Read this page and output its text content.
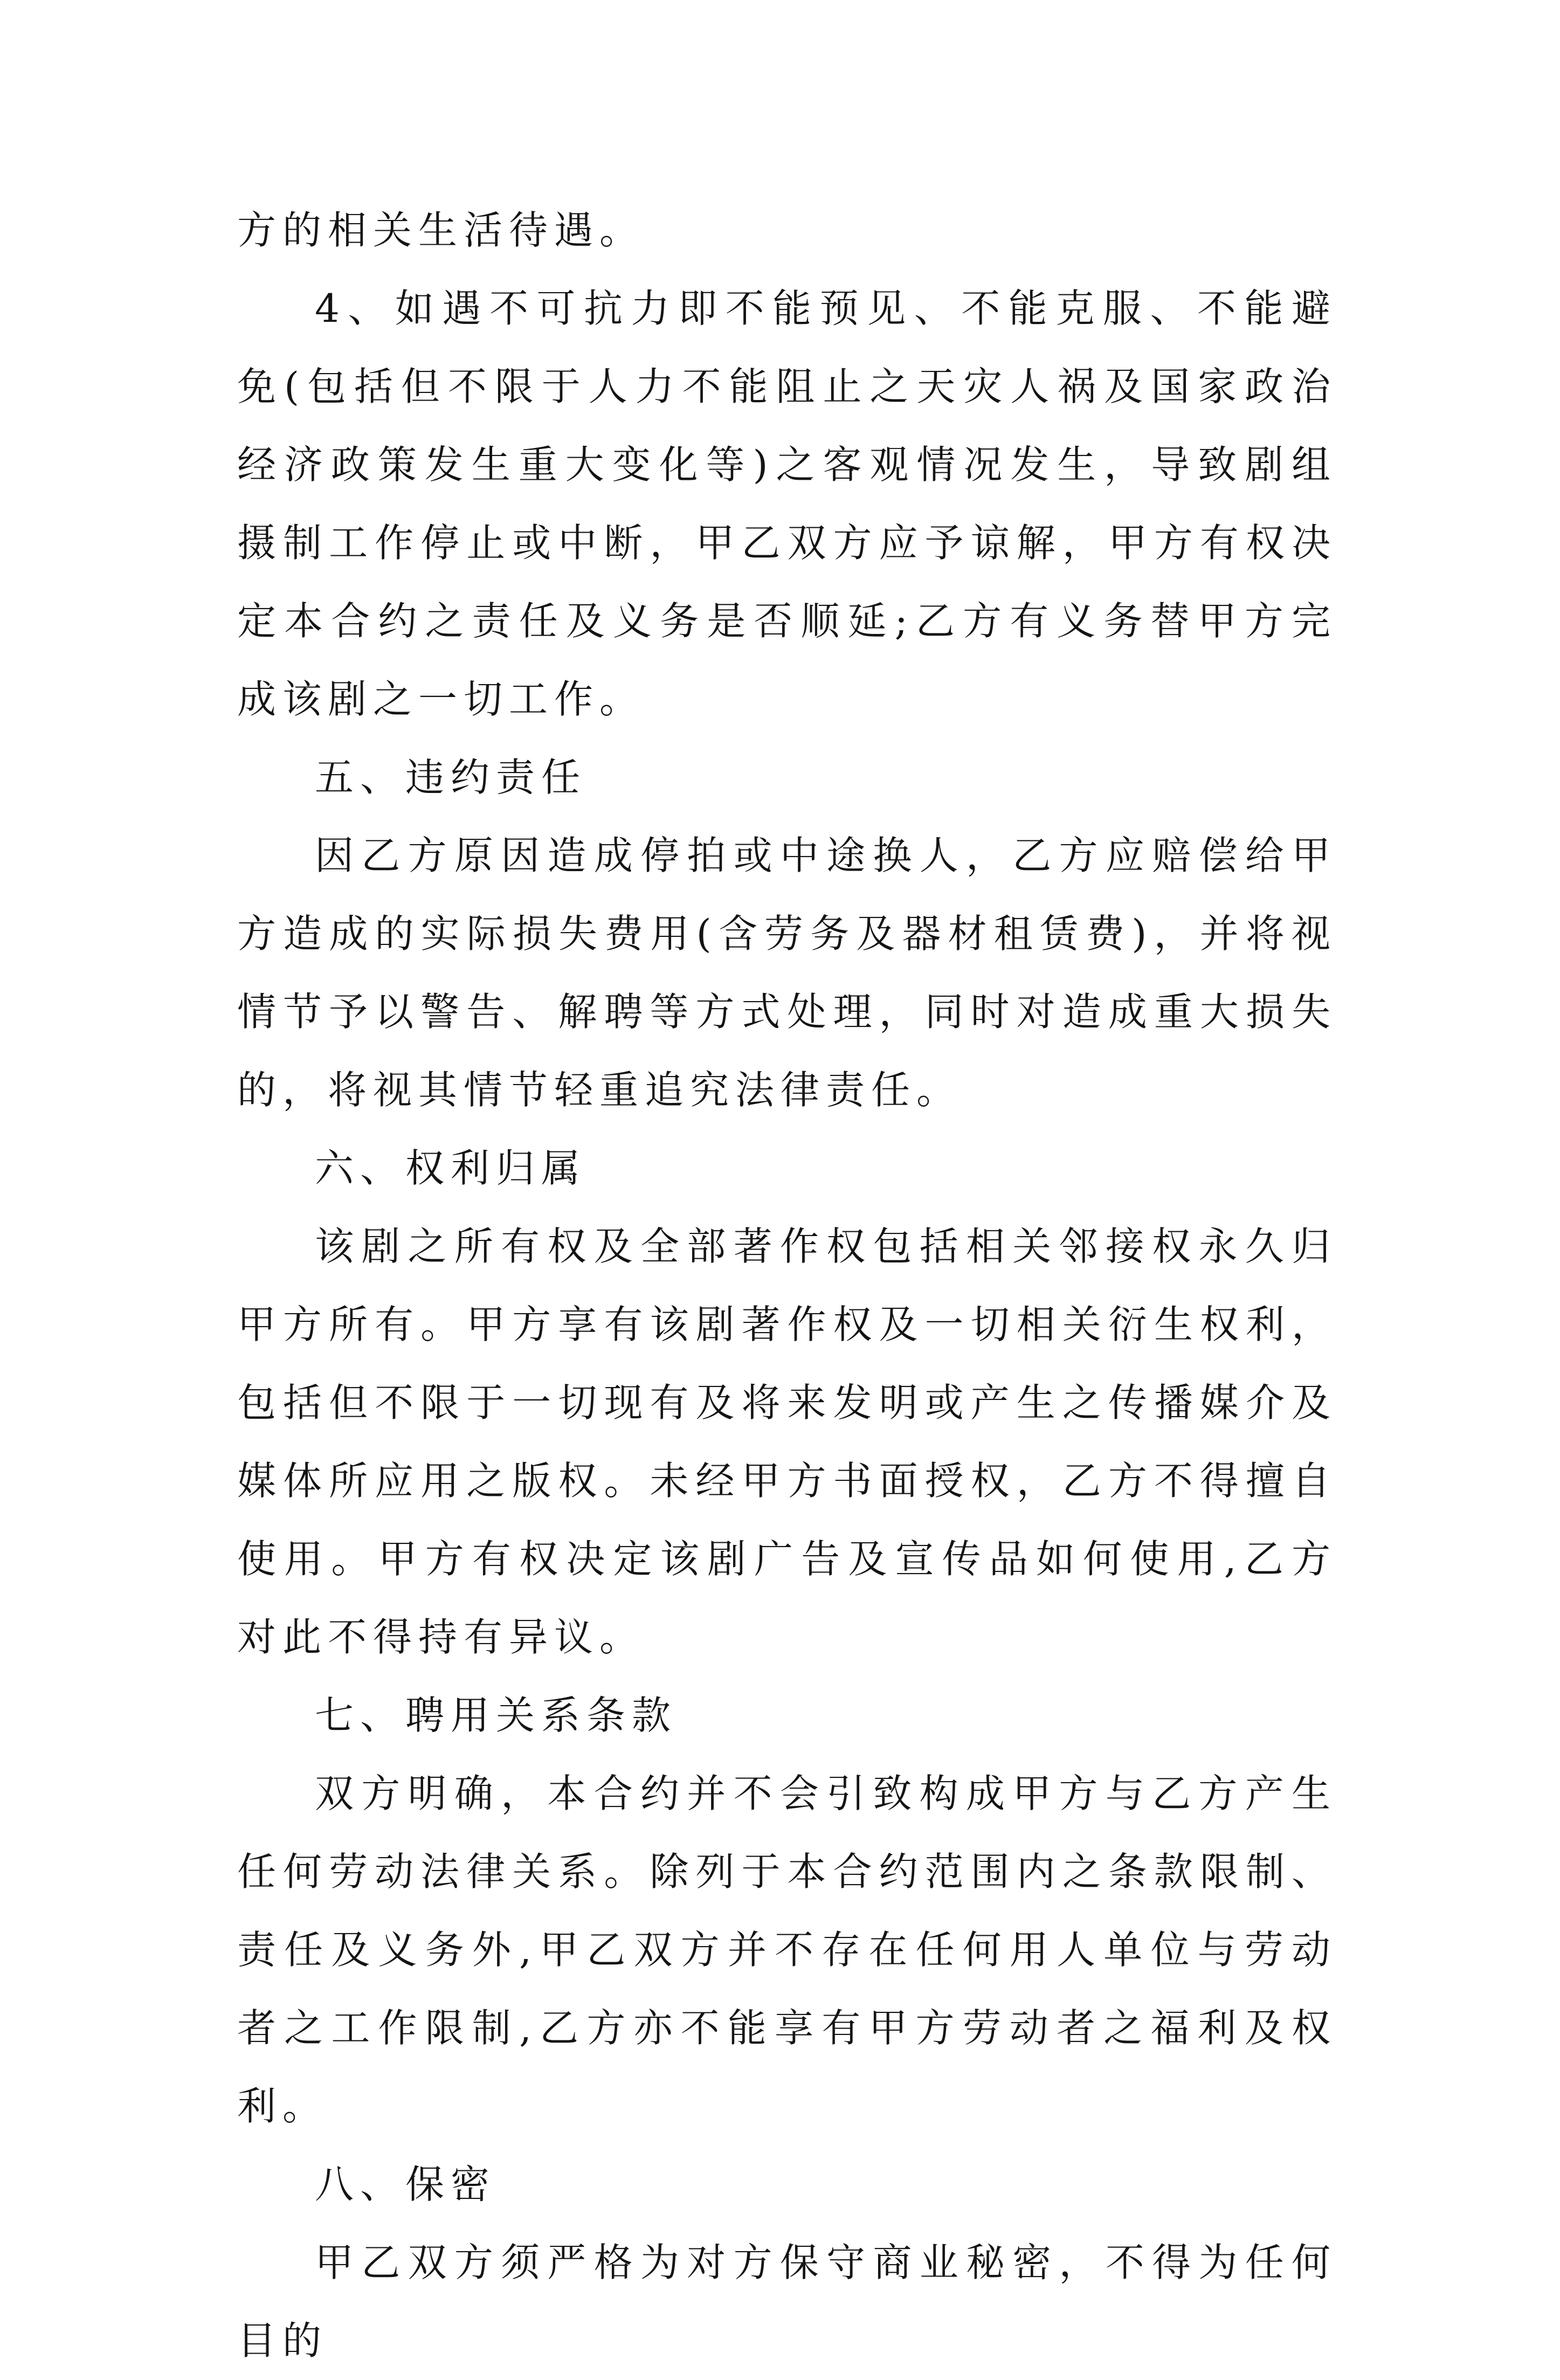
方的相关生活待遇。

4、如遇不可抗力即不能预见、不能克服、不能避免(包括但不限于人力不能阻止之天灾人祸及国家政治经济政策发生重大变化等)之客观情况发生，导致剧组摄制工作停止或中断，甲乙双方应予谅解，甲方有权决定本合约之责任及义务是否顺延;乙方有义务替甲方完成该剧之一切工作。

五、违约责任

因乙方原因造成停拍或中途换人，乙方应赔偿给甲方造成的实际损失费用(含劳务及器材租赁费)，并将视情节予以警告、解聘等方式处理，同时对造成重大损失的，将视其情节轻重追究法律责任。

六、权利归属

该剧之所有权及全部著作权包括相关邻接权永久归甲方所有。甲方享有该剧著作权及一切相关衍生权利，包括但不限于一切现有及将来发明或产生之传播媒介及媒体所应用之版权。未经甲方书面授权，乙方不得擅自使用。甲方有权决定该剧广告及宣传品如何使用,乙方对此不得持有异议。

七、聘用关系条款

双方明确，本合约并不会引致构成甲方与乙方产生任何劳动法律关系。除列于本合约范围内之条款限制、责任及义务外,甲乙双方并不存在任何用人单位与劳动者之工作限制,乙方亦不能享有甲方劳动者之福利及权利。

八、保密

甲乙双方须严格为对方保守商业秘密，不得为任何目的
